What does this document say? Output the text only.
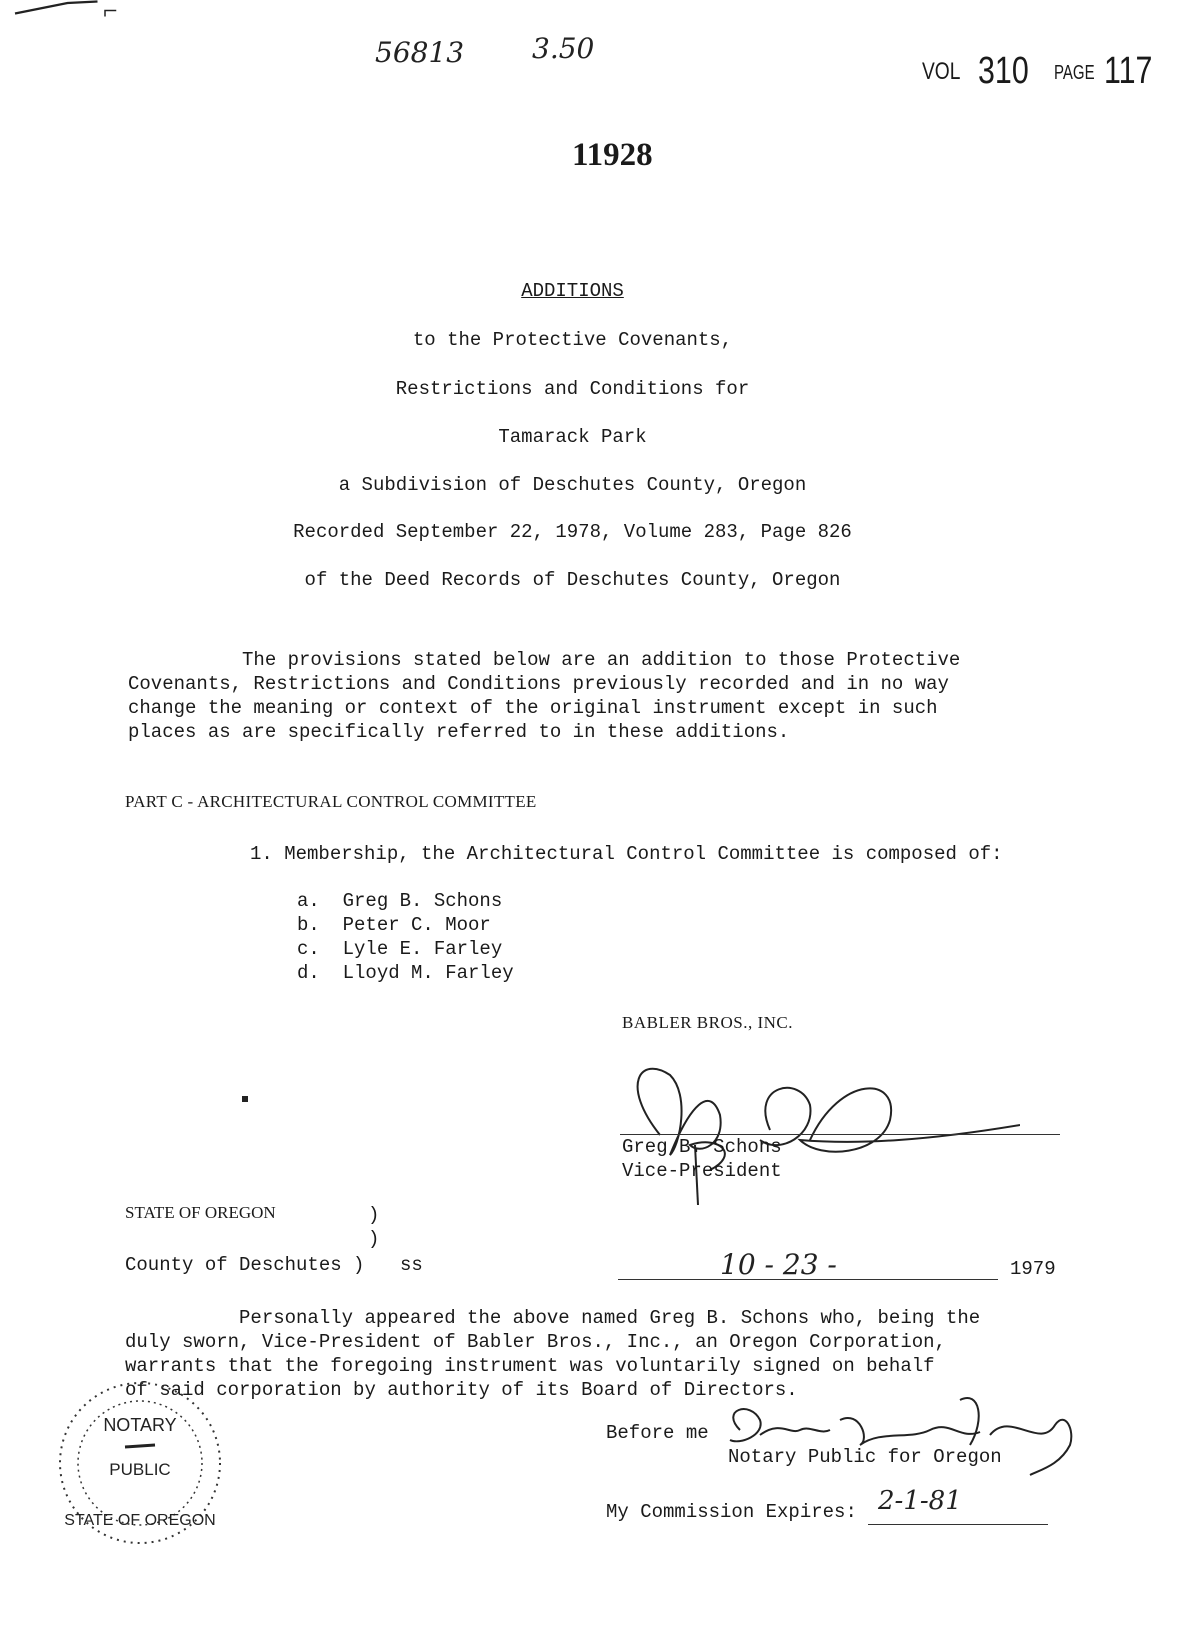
56813 3.50
VOL 310 PAGE 117
11928
ADDITIONS
to the Protective Covenants,
Restrictions and Conditions for
Tamarack Park
a Subdivision of Deschutes County, Oregon
Recorded September 22, 1978, Volume 283, Page 826
of the Deed Records of Deschutes County, Oregon
The provisions stated below are an addition to those Protective
Covenants, Restrictions and Conditions previously recorded and in no way
change the meaning or context of the original instrument except in such
places as are specifically referred to in these additions.
PART C - ARCHITECTURAL CONTROL COMMITTEE
1. Membership, the Architectural Control Committee is composed of:
a.  Greg B. Schons
b.  Peter C. Moor
c.  Lyle E. Farley
d.  Lloyd M. Farley
BABLER BROS., INC.
Greg B. Schons
Vice-President
STATE OF OREGON	)
)
County of Deschutes ) ss	10 - 23 -	1979
Personally appeared the above named Greg B. Schons who, being the
duly sworn, Vice-President of Babler Bros., Inc., an Oregon Corporation,
warrants that the foregoing instrument was voluntarily signed on behalf
of said corporation by authority of its Board of Directors.
Before me
Notary Public for Oregon
My Commission Expires: 2-1-81
NOTARY
PUBLIC
STATE OF OREGON
